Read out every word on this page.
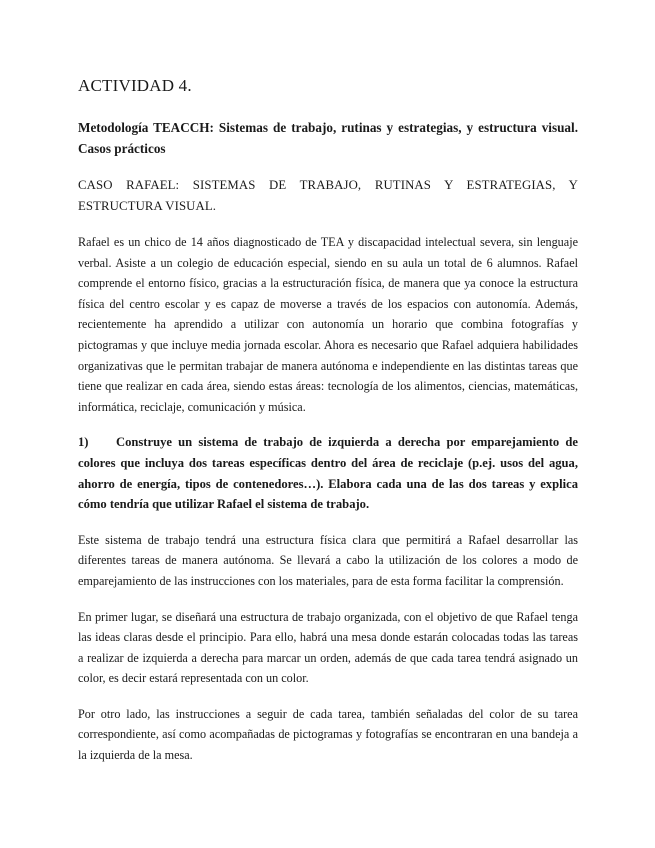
ACTIVIDAD 4.

Metodología TEACCH: Sistemas de trabajo, rutinas y estrategias, y estructura visual. Casos prácticos

CASO RAFAEL: SISTEMAS DE TRABAJO, RUTINAS Y ESTRATEGIAS, Y ESTRUCTURA VISUAL.

Rafael es un chico de 14 años diagnosticado de TEA y discapacidad intelectual severa, sin lenguaje verbal. Asiste a un colegio de educación especial, siendo en su aula un total de 6 alumnos. Rafael comprende el entorno físico, gracias a la estructuración física, de manera que ya conoce la estructura física del centro escolar y es capaz de moverse a través de los espacios con autonomía. Además, recientemente ha aprendido a utilizar con autonomía un horario que combina fotografías y pictogramas y que incluye media jornada escolar. Ahora es necesario que Rafael adquiera habilidades organizativas que le permitan trabajar de manera autónoma e independiente en las distintas tareas que tiene que realizar en cada área, siendo estas áreas: tecnología de los alimentos, ciencias, matemáticas, informática, reciclaje, comunicación y música.

1) Construye un sistema de trabajo de izquierda a derecha por emparejamiento de colores que incluya dos tareas específicas dentro del área de reciclaje (p.ej. usos del agua, ahorro de energía, tipos de contenedores…). Elabora cada una de las dos tareas y explica cómo tendría que utilizar Rafael el sistema de trabajo.

Este sistema de trabajo tendrá una estructura física clara que permitirá a Rafael desarrollar las diferentes tareas de manera autónoma. Se llevará a cabo la utilización de los colores a modo de emparejamiento de las instrucciones con los materiales, para de esta forma facilitar la comprensión.

En primer lugar, se diseñará una estructura de trabajo organizada, con el objetivo de que Rafael tenga las ideas claras desde el principio. Para ello, habrá una mesa donde estarán colocadas todas las tareas a realizar de izquierda a derecha para marcar un orden, además de que cada tarea tendrá asignado un color, es decir estará representada con un color.

Por otro lado, las instrucciones a seguir de cada tarea, también señaladas del color de su tarea correspondiente, así como acompañadas de pictogramas y fotografías se encontraran en una bandeja a la izquierda de la mesa.
